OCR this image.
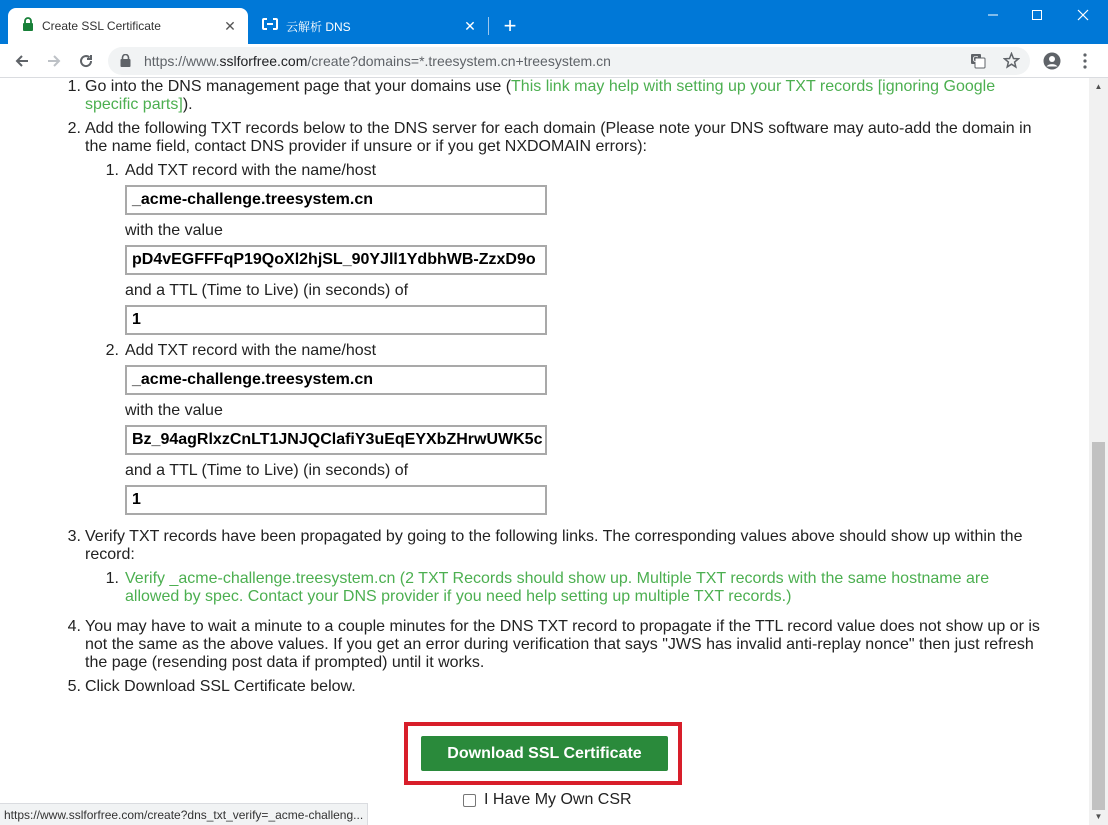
Create SSL Certificate	✕	云解析 DNS	✕ +
https://www.sslforfree.com/create?domains=*.treesystem.cn+treesystem.cn	G
1. Go into the DNS management page that your domains use (This link may help with setting up your TXT records [ignoring Google
specific parts]).
2. Add the following TXT records below to the DNS server for each domain (Please note your DNS software may auto-add the domain in
the name field, contact DNS provider if unsure or if you get NXDOMAIN errors):
1. Add TXT record with the name/host
_acme-challenge.treesystem.cn
with the value
pD4vEGFFFqP19QoXl2hjSL_90YJll1YdbhWB-ZzxD9o
and a TTL (Time to Live) (in seconds) of
1
2. Add TXT record with the name/host
_acme-challenge.treesystem.cn
with the value
Bz_94agRlxzCnLT1JNJQClafiY3uEqEYXbZHrwUWK5c
and a TTL (Time to Live) (in seconds) of
1
3. Verify TXT records have been propagated by going to the following links. The corresponding values above should show up within the
record:
1. Verify _acme-challenge.treesystem.cn (2 TXT Records should show up. Multiple TXT records with the same hostname are
allowed by spec. Contact your DNS provider if you need help setting up multiple TXT records.)
4. You may have to wait a minute to a couple minutes for the DNS TXT record to propagate if the TTL record value does not show up or is
not the same as the above values. If you get an error during verification that says "JWS has invalid anti-replay nonce" then just refresh
the page (resending post data if prompted) until it works.
5. Click Download SSL Certificate below.
Download SSL Certificate
I Have My Own CSR
▲
▼
https://www.sslforfree.com/create?dns_txt_verify=_acme-challeng...
